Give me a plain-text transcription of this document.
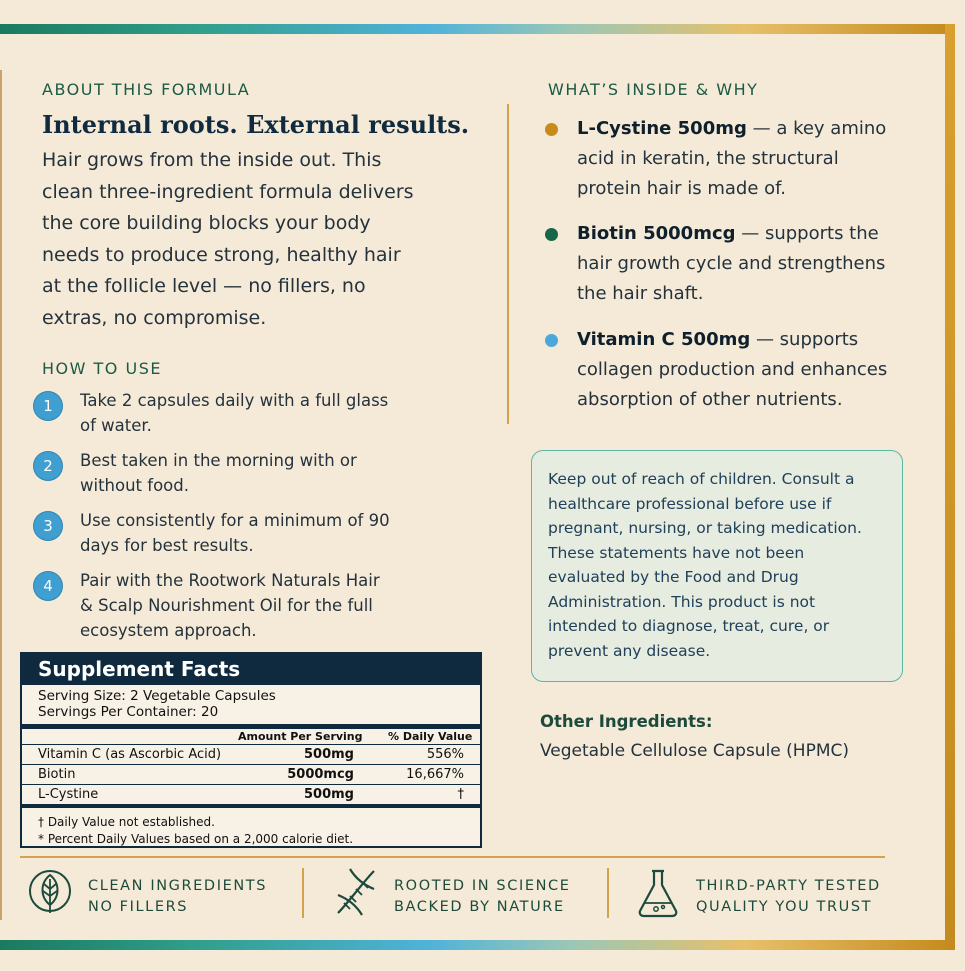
ABOUT THIS FORMULA
Internal roots. External results.
Hair grows from the inside out. This clean three-ingredient formula delivers the core building blocks your body needs to produce strong, healthy hair at the follicle level — no fillers, no extras, no compromise.
HOW TO USE
1	Take 2 capsules daily with a full glass of water.
2	Best taken in the morning with or without food.
3	Use consistently for a minimum of 90 days for best results.
4	Pair with the Rootwork Naturals Hair & Scalp Nourishment Oil for the full ecosystem approach.
Supplement Facts
Serving Size: 2 Vegetable Capsules
Servings Per Container: 20
Amount Per Serving % Daily Value
Vitamin C (as Ascorbic Acid)	500mg	556%
Biotin	5000mcg	16,667%
L-Cystine	500mg	†
† Daily Value not established.
* Percent Daily Values based on a 2,000 calorie diet.
WHAT’S INSIDE & WHY
L-Cystine 500mg — a key amino acid in keratin, the structural protein hair is made of.
Biotin 5000mcg — supports the hair growth cycle and strengthens the hair shaft.
Vitamin C 500mg — supports collagen production and enhances absorption of other nutrients.
Keep out of reach of children. Consult a healthcare professional before use if pregnant, nursing, or taking medication. These statements have not been evaluated by the Food and Drug Administration. This product is not intended to diagnose, treat, cure, or prevent any disease.
Other Ingredients:
Vegetable Cellulose Capsule (HPMC)
CLEAN INGREDIENTS
NO FILLERS
ROOTED IN SCIENCE
BACKED BY NATURE
THIRD-PARTY TESTED
QUALITY YOU TRUST
